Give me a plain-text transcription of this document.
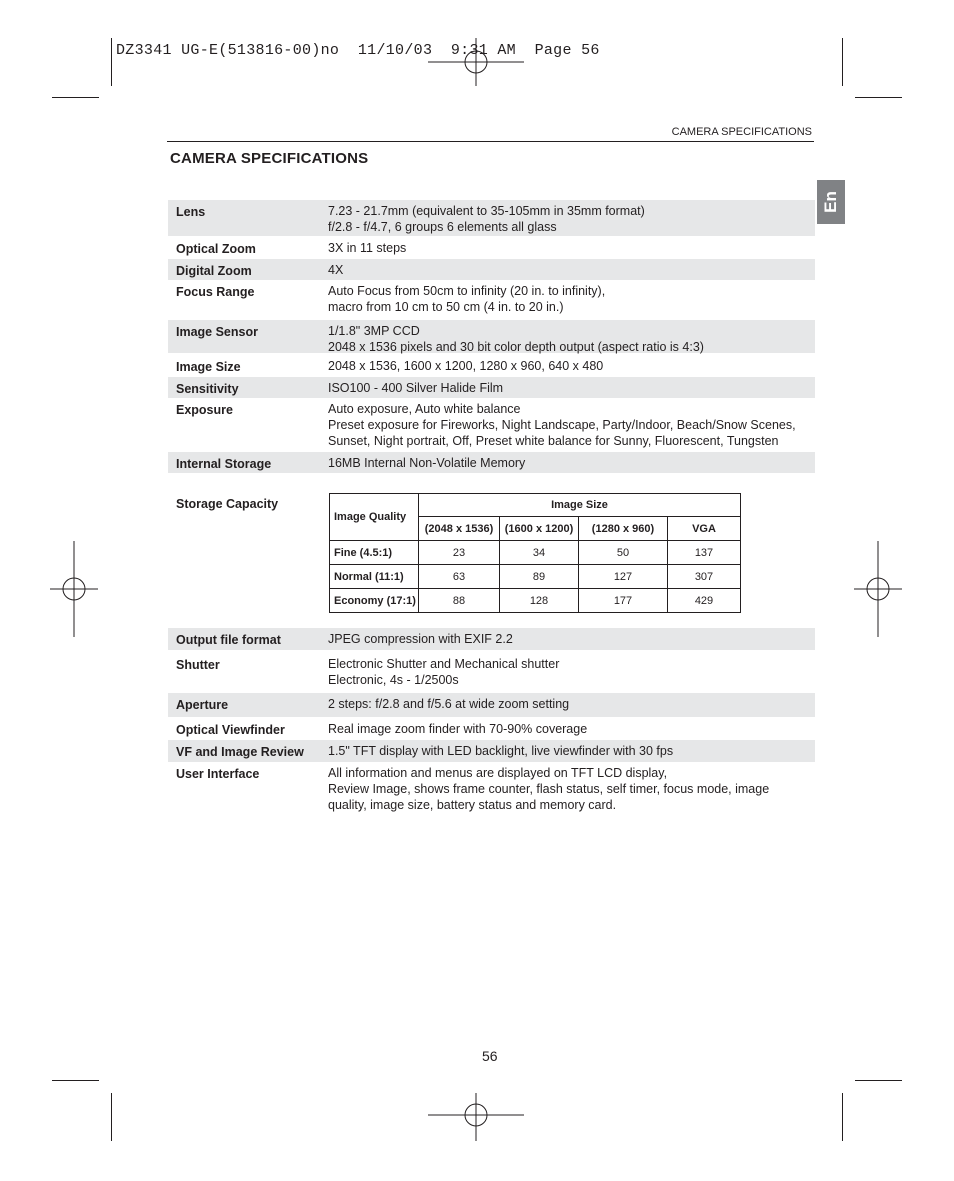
DZ3341 UG-E(513816-00)no  11/10/03  9:31 AM  Page 56
CAMERA SPECIFICATIONS
CAMERA SPECIFICATIONS
En
Lens	7.23 - 21.7mm (equivalent to 35-105mm in 35mm format)
f/2.8 - f/4.7, 6 groups 6 elements all glass
Optical Zoom	3X in 11 steps
Digital Zoom	4X
Focus Range	Auto Focus from 50cm to infinity (20 in. to infinity),
macro from 10 cm to 50 cm (4 in. to 20 in.)
Image Sensor	1/1.8" 3MP CCD
2048 x 1536 pixels and 30 bit color depth output (aspect ratio is 4:3)
Image Size	2048 x 1536, 1600 x 1200, 1280 x 960, 640 x 480
Sensitivity	ISO100 - 400 Silver Halide Film
Exposure	Auto exposure, Auto white balance
Preset exposure for Fireworks, Night Landscape, Party/Indoor, Beach/Snow Scenes,
Sunset, Night portrait, Off, Preset white balance for Sunny, Fluorescent, Tungsten
Internal Storage	16MB Internal Non-Volatile Memory
Storage Capacity
Image Quality	Image Size			
	(2048 x 1536)	(1600 x 1200)	(1280 x 960)	VGA
Fine (4.5:1)	23	34	50	137
Normal (11:1)	63	89	127	307
Economy (17:1)	88	128	177	429
Output file format	JPEG compression with EXIF 2.2
Shutter	Electronic Shutter and Mechanical shutter
Electronic, 4s - 1/2500s
Aperture	2 steps: f/2.8 and f/5.6 at wide zoom setting
Optical Viewfinder	Real image zoom finder with 70-90% coverage
VF and Image Review 1.5" TFT display with LED backlight, live viewfinder with 30 fps
User Interface	All information and menus are displayed on TFT LCD display,
Review Image, shows frame counter, flash status, self timer, focus mode, image
quality, image size, battery status and memory card.
56
